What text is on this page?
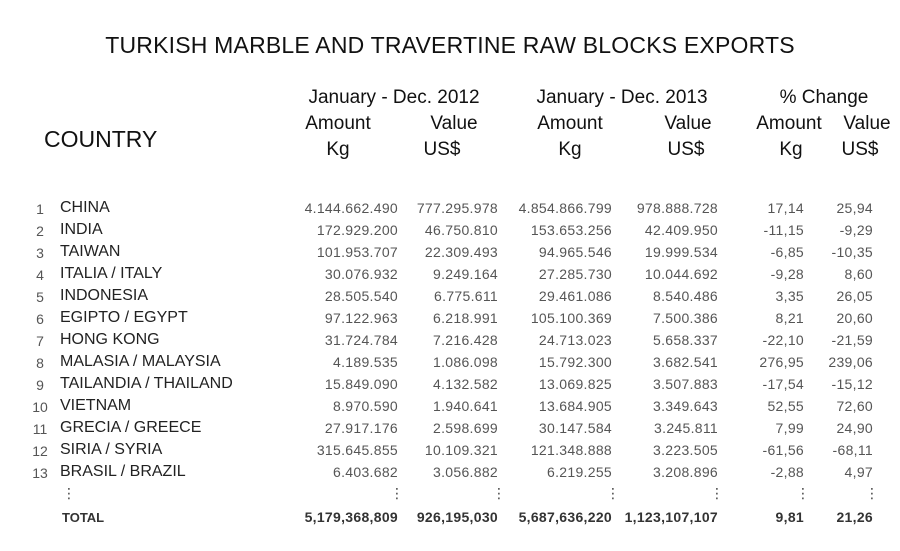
TURKISH MARBLE AND TRAVERTINE RAW BLOCKS EXPORTS
January - Dec. 2012	January - Dec. 2013	% Change
Amount	Value	Amount	Value	Amount	Value
Kg	US$	Kg	US$	Kg	US$
COUNTRY
1	CHINA	4.144.662.490 777.295.978 4.854.866.799 978.888.728	17,14 25,94
2	INDIA	172.929.200 46.750.810 153.653.256 42.409.950	-11,15	-9,29
3	TAIWAN	101.953.707 22.309.493	94.965.546 19.999.534	-6,85 -10,35
4	ITALIA / ITALY	30.076.932	9.249.164	27.285.730 10.044.692	-9,28	8,60
5	INDONESIA	28.505.540	6.775.611	29.461.086	8.540.486	3,35 26,05
6	EGIPTO / EGYPT	97.122.963	6.218.991 105.100.369	7.500.386	8,21 20,60
7	HONG KONG	31.724.784	7.216.428	24.713.023	5.658.337	-22,10 -21,59
8	MALASIA / MALAYSIA	4.189.535	1.086.098	15.792.300	3.682.541	276,95 239,06
9	TAILANDIA / THAILAND	15.849.090	4.132.582	13.069.825	3.507.883	-17,54 -15,12
10 VIETNAM	8.970.590	1.940.641	13.684.905	3.349.643	52,55 72,60
11 GRECIA / GREECE	27.917.176	2.598.699	30.147.584	3.245.811	7,99 24,90
12 SIRIA / SYRIA	315.645.855 10.109.321 121.348.888	3.223.505	-61,56 -68,11
13 BRASIL / BRAZIL	6.403.682	3.056.882	6.219.255	3.208.896	-2,88	4,97
⋮	⋮	⋮	⋮	⋮	⋮	⋮
TOTAL	5,179,368,809 926,195,030 5,687,636,220 1,123,107,107	9,81 21,26
